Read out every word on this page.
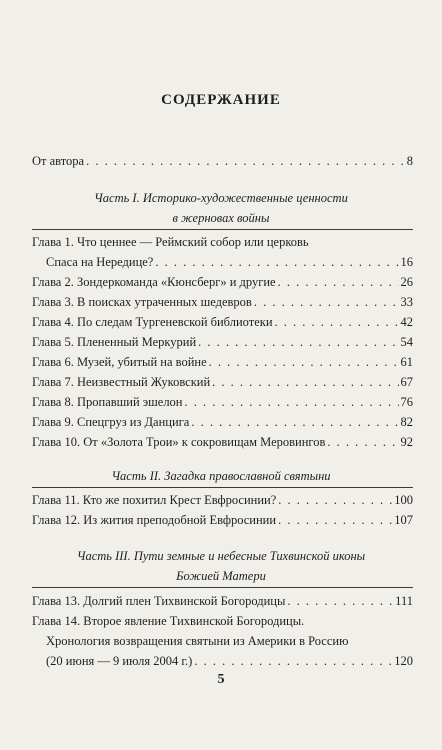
СОДЕРЖАНИЕ
От автора . . .	8
Часть I. Историко-художественные ценности
в жерновах войны
Глава 1. Что ценнее — Реймский собор или церковь
Спаса на Нередице? . . .	16
Глава 2. Зондеркоманда «Кюнсберг» и другие . . .	26
Глава 3. В поисках утраченных шедевров . . .	33
Глава 4. По следам Тургеневской библиотеки . . .	42
Глава 5. Плененный Меркурий . . .	54
Глава 6. Музей, убитый на войне . . .	61
Глава 7. Неизвестный Жуковский . . .	67
Глава 8. Пропавший эшелон . . .	76
Глава 9. Спецгруз из Данцига . . .	82
Глава 10. От «Золота Трои» к сокровищам Меровингов . . .	92
Часть II. Загадка православной святыни
Глава 11. Кто же похитил Крест Евфросинии? . . .	100
Глава 12. Из жития преподобной Евфросинии . . .	107
Часть III. Пути земные и небесные Тихвинской иконы
Божией Матери
Глава 13. Долгий плен Тихвинской Богородицы . . .	111
Глава 14. Второе явление Тихвинской Богородицы.
Хронология возвращения святыни из Америки в Россию
(20 июня — 9 июля 2004 г.) . . .	120
5
